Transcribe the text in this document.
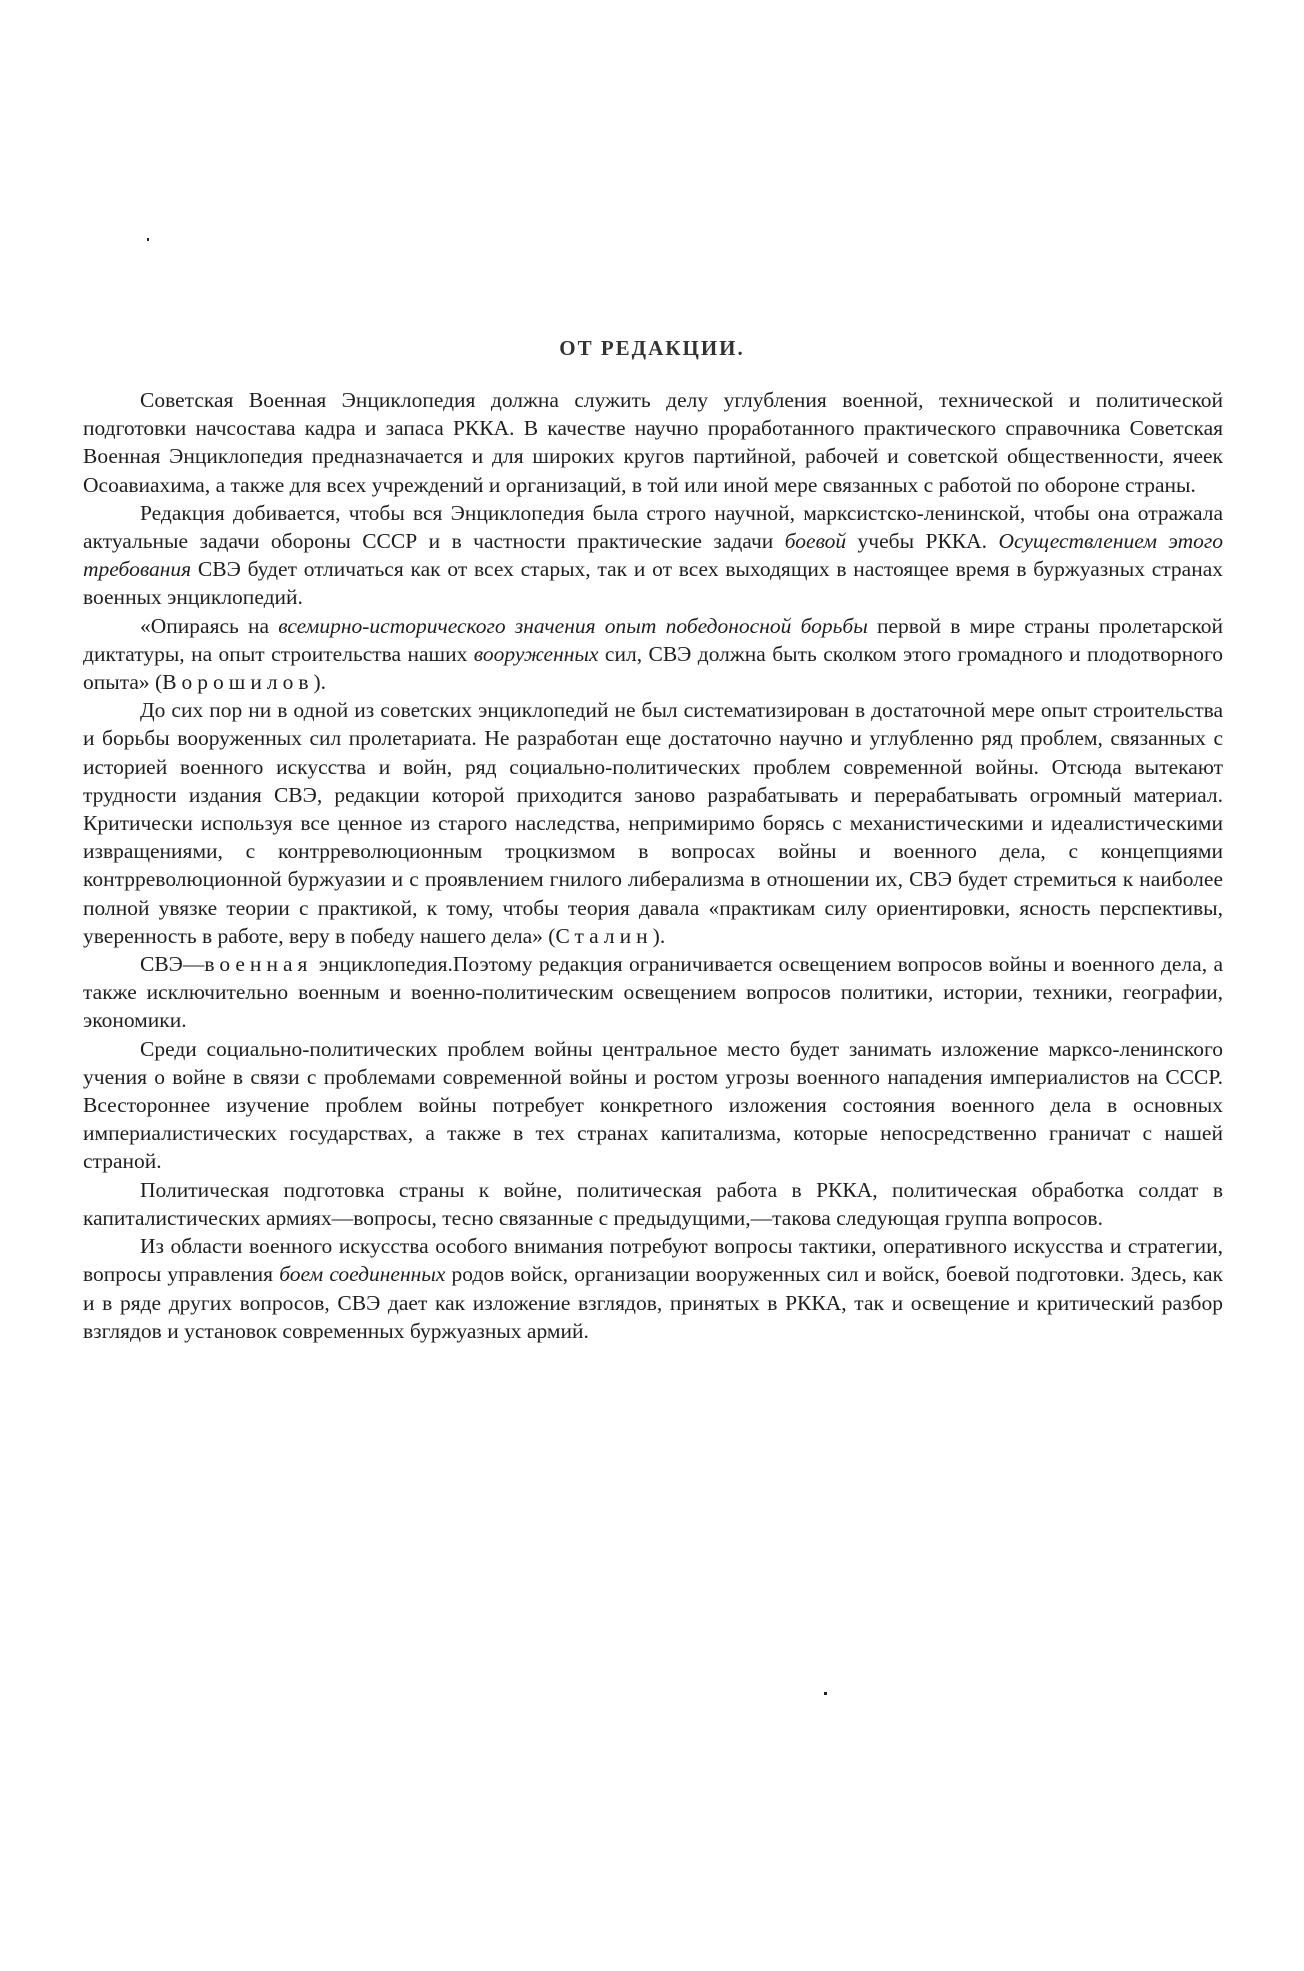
ОТ РЕДАКЦИИ.

Советская Военная Энциклопедия должна служить делу углубления военной, технической и политической подготовки начсостава кадра и запаса РККА. В качестве научно проработанного практического справочника Советская Военная Энциклопедия предназначается и для широких кругов партийной, рабочей и советской общественности, ячеек Осоавиахима, а также для всех учреждений и организаций, в той или иной мере связанных с работой по обороне страны.

Редакция добивается, чтобы вся Энциклопедия была строго научной, марксистско-ленинской, чтобы она отражала актуальные задачи обороны СССР и в частности практические задачи боевой учебы РККА. Осуществлением этого требования СВЭ будет отличаться как от всех старых, так и от всех выходящих в настоящее время в буржуазных странах военных энциклопедий.

«Опираясь на всемирно-исторического значения опыт победоносной борьбы первой в мире страны пролетарской диктатуры, на опыт строительства наших вооруженных сил, СВЭ должна быть сколком этого громадного и плодотворного опыта» (Ворошилов).

До сих пор ни в одной из советских энциклопедий не был систематизирован в достаточной мере опыт строительства и борьбы вооруженных сил пролетариата. Не разработан еще достаточно научно и углубленно ряд проблем, связанных с историей военного искусства и войн, ряд социально-политических проблем современной войны. Отсюда вытекают трудности издания СВЭ, редакции которой приходится заново разрабатывать и перерабатывать огромный материал. Критически используя все ценное из старого наследства, непримиримо борясь с механистическими и идеалистическими извращениями, с контрреволюционным троцкизмом в вопросах войны и военного дела, с концепциями контрреволюционной буржуазии и с проявлением гнилого либерализма в отношении их, СВЭ будет стремиться к наиболее полной увязке теории с практикой, к тому, чтобы теория давала «практикам силу ориентировки, ясность перспективы, уверенность в работе, веру в победу нашего дела» (Сталин).

СВЭ—военная энциклопедия.Поэтому редакция ограничивается освещением вопросов войны и военного дела, а также исключительно военным и военно-политическим освещением вопросов политики, истории, техники, географии, экономики.

Среди социально-политических проблем войны центральное место будет занимать изложение марксо-ленинского учения о войне в связи с проблемами современной войны и ростом угрозы военного нападения империалистов на СССР. Всестороннее изучение проблем войны потребует конкретного изложения состояния военного дела в основных империалистических государствах, а также в тех странах капитализма, которые непосредственно граничат с нашей страной.

Политическая подготовка страны к войне, политическая работа в РККА, политическая обработка солдат в капиталистических армиях—вопросы, тесно связанные с предыдущими,—такова следующая группа вопросов.

Из области военного искусства особого внимания потребуют вопросы тактики, оперативного искусства и стратегии, вопросы управления боем соединенных родов войск, организации вооруженных сил и войск, боевой подготовки. Здесь, как и в ряде других вопросов, СВЭ дает как изложение взглядов, принятых в РККА, так и освещение и критический разбор взглядов и установок современных буржуазных армий.
